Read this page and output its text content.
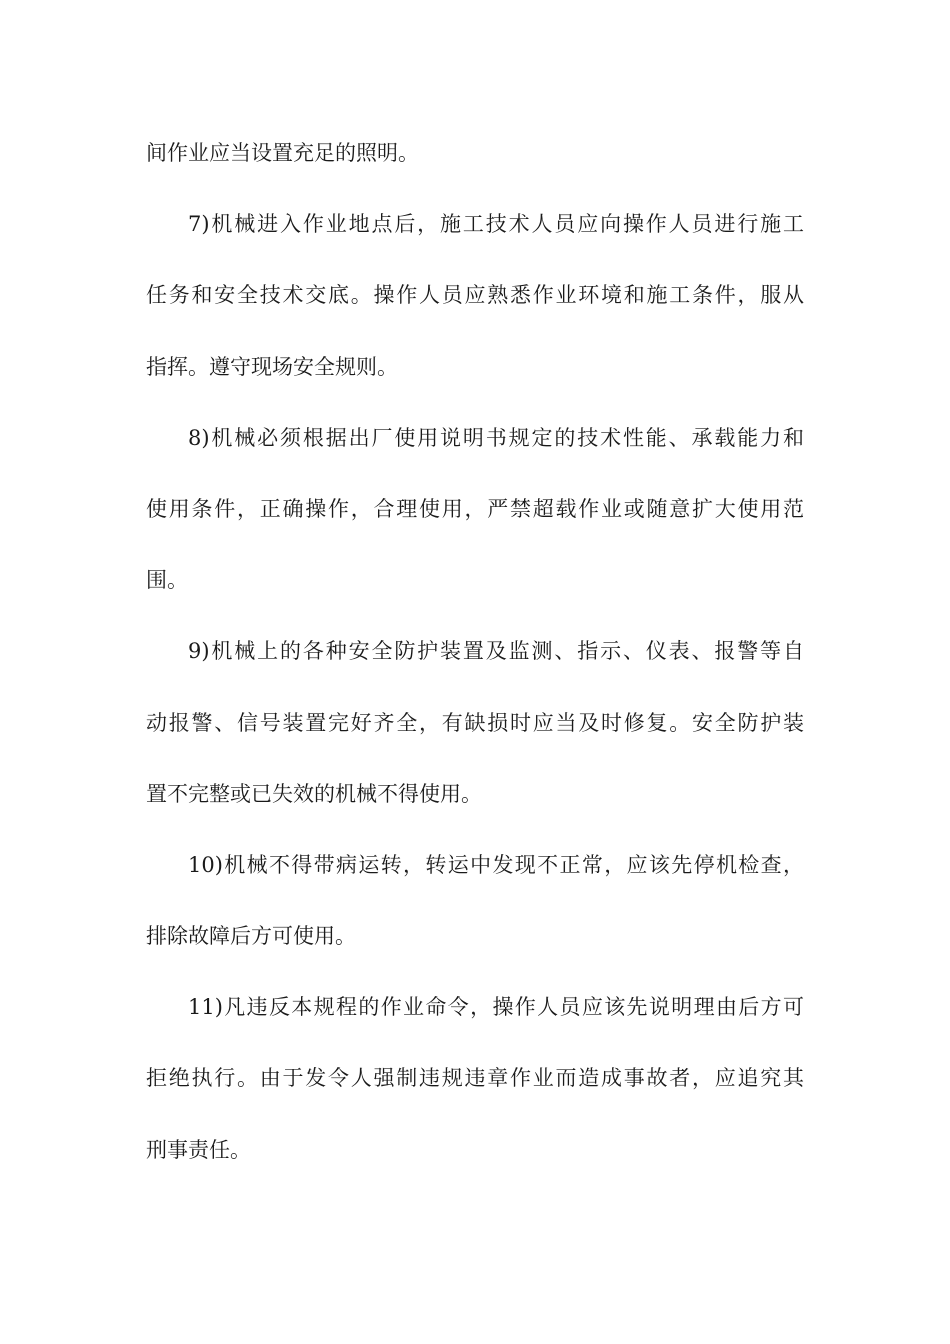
间作业应当设置充足的照明。
7)机械进入作业地点后，施工技术人员应向操作人员进行施工
任务和安全技术交底。操作人员应熟悉作业环境和施工条件，服从
指挥。遵守现场安全规则。
8)机械必须根据出厂使用说明书规定的技术性能、承载能力和
使用条件，正确操作，合理使用，严禁超载作业或随意扩大使用范
围。
9)机械上的各种安全防护装置及监测、指示、仪表、报警等自
动报警、信号装置完好齐全，有缺损时应当及时修复。安全防护装
置不完整或已失效的机械不得使用。
10)机械不得带病运转，转运中发现不正常，应该先停机检查，
排除故障后方可使用。
11)凡违反本规程的作业命令，操作人员应该先说明理由后方可
拒绝执行。由于发令人强制违规违章作业而造成事故者，应追究其
刑事责任。
